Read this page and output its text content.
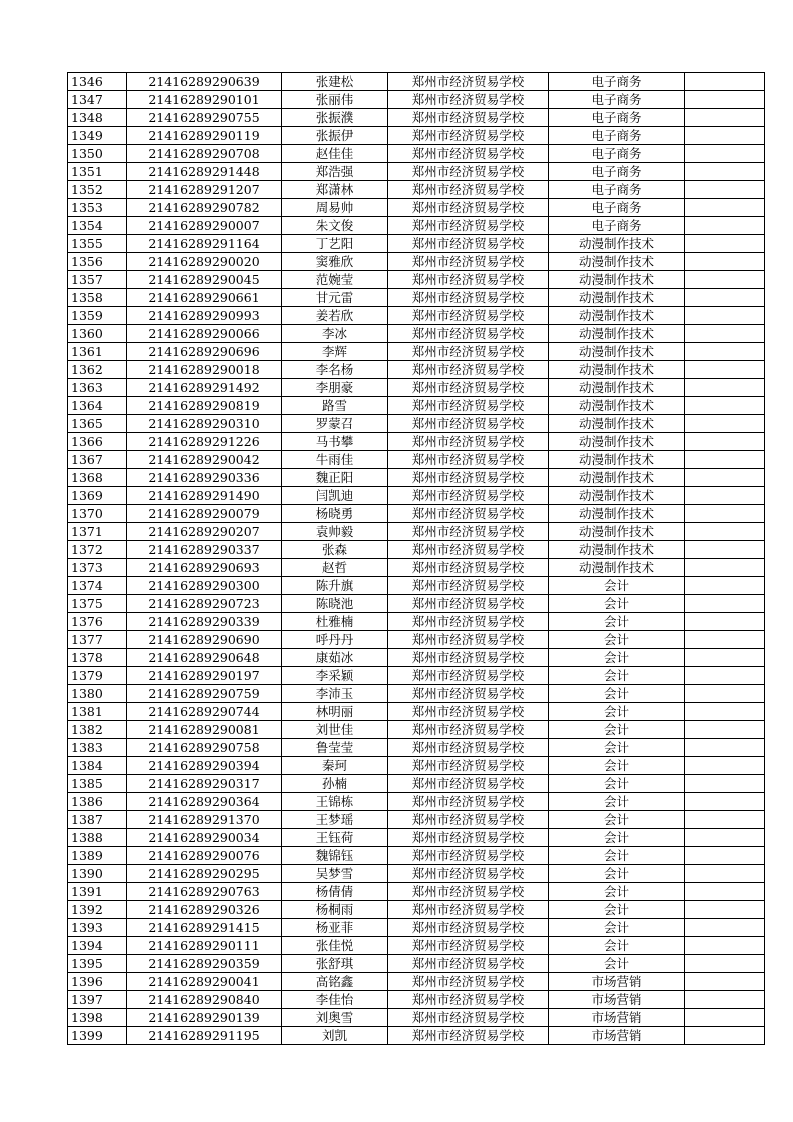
1346	21416289290639	张建松	郑州市经济贸易学校	电子商务	
1347	21416289290101	张丽伟	郑州市经济贸易学校	电子商务	
1348	21416289290755	张振濮	郑州市经济贸易学校	电子商务	
1349	21416289290119	张振伊	郑州市经济贸易学校	电子商务	
1350	21416289290708	赵佳佳	郑州市经济贸易学校	电子商务	
1351	21416289291448	郑浩强	郑州市经济贸易学校	电子商务	
1352	21416289291207	郑潇林	郑州市经济贸易学校	电子商务	
1353	21416289290782	周易帅	郑州市经济贸易学校	电子商务	
1354	21416289290007	朱文俊	郑州市经济贸易学校	电子商务	
1355	21416289291164	丁艺阳	郑州市经济贸易学校	动漫制作技术	
1356	21416289290020	窦雅欣	郑州市经济贸易学校	动漫制作技术	
1357	21416289290045	范婉莹	郑州市经济贸易学校	动漫制作技术	
1358	21416289290661	甘元雷	郑州市经济贸易学校	动漫制作技术	
1359	21416289290993	姜若欣	郑州市经济贸易学校	动漫制作技术	
1360	21416289290066	李冰	郑州市经济贸易学校	动漫制作技术	
1361	21416289290696	李辉	郑州市经济贸易学校	动漫制作技术	
1362	21416289290018	李名杨	郑州市经济贸易学校	动漫制作技术	
1363	21416289291492	李朋豪	郑州市经济贸易学校	动漫制作技术	
1364	21416289290819	路雪	郑州市经济贸易学校	动漫制作技术	
1365	21416289290310	罗蒙召	郑州市经济贸易学校	动漫制作技术	
1366	21416289291226	马书攀	郑州市经济贸易学校	动漫制作技术	
1367	21416289290042	牛雨佳	郑州市经济贸易学校	动漫制作技术	
1368	21416289290336	魏正阳	郑州市经济贸易学校	动漫制作技术	
1369	21416289291490	闫凯迪	郑州市经济贸易学校	动漫制作技术	
1370	21416289290079	杨晓勇	郑州市经济贸易学校	动漫制作技术	
1371	21416289290207	袁帅毅	郑州市经济贸易学校	动漫制作技术	
1372	21416289290337	张森	郑州市经济贸易学校	动漫制作技术	
1373	21416289290693	赵哲	郑州市经济贸易学校	动漫制作技术	
1374	21416289290300	陈升旗	郑州市经济贸易学校	会计	
1375	21416289290723	陈晓池	郑州市经济贸易学校	会计	
1376	21416289290339	杜雅楠	郑州市经济贸易学校	会计	
1377	21416289290690	呼丹丹	郑州市经济贸易学校	会计	
1378	21416289290648	康茹冰	郑州市经济贸易学校	会计	
1379	21416289290197	李采颖	郑州市经济贸易学校	会计	
1380	21416289290759	李沛玉	郑州市经济贸易学校	会计	
1381	21416289290744	林明丽	郑州市经济贸易学校	会计	
1382	21416289290081	刘世佳	郑州市经济贸易学校	会计	
1383	21416289290758	鲁莹莹	郑州市经济贸易学校	会计	
1384	21416289290394	秦珂	郑州市经济贸易学校	会计	
1385	21416289290317	孙楠	郑州市经济贸易学校	会计	
1386	21416289290364	王锦栋	郑州市经济贸易学校	会计	
1387	21416289291370	王梦瑶	郑州市经济贸易学校	会计	
1388	21416289290034	王钰荷	郑州市经济贸易学校	会计	
1389	21416289290076	魏锦钰	郑州市经济贸易学校	会计	
1390	21416289290295	吴梦雪	郑州市经济贸易学校	会计	
1391	21416289290763	杨倩倩	郑州市经济贸易学校	会计	
1392	21416289290326	杨桐雨	郑州市经济贸易学校	会计	
1393	21416289291415	杨亚菲	郑州市经济贸易学校	会计	
1394	21416289290111	张佳悦	郑州市经济贸易学校	会计	
1395	21416289290359	张舒琪	郑州市经济贸易学校	会计	
1396	21416289290041	高铭鑫	郑州市经济贸易学校	市场营销	
1397	21416289290840	李佳怡	郑州市经济贸易学校	市场营销	
1398	21416289290139	刘奥雪	郑州市经济贸易学校	市场营销	
1399	21416289291195	刘凯	郑州市经济贸易学校	市场营销	
